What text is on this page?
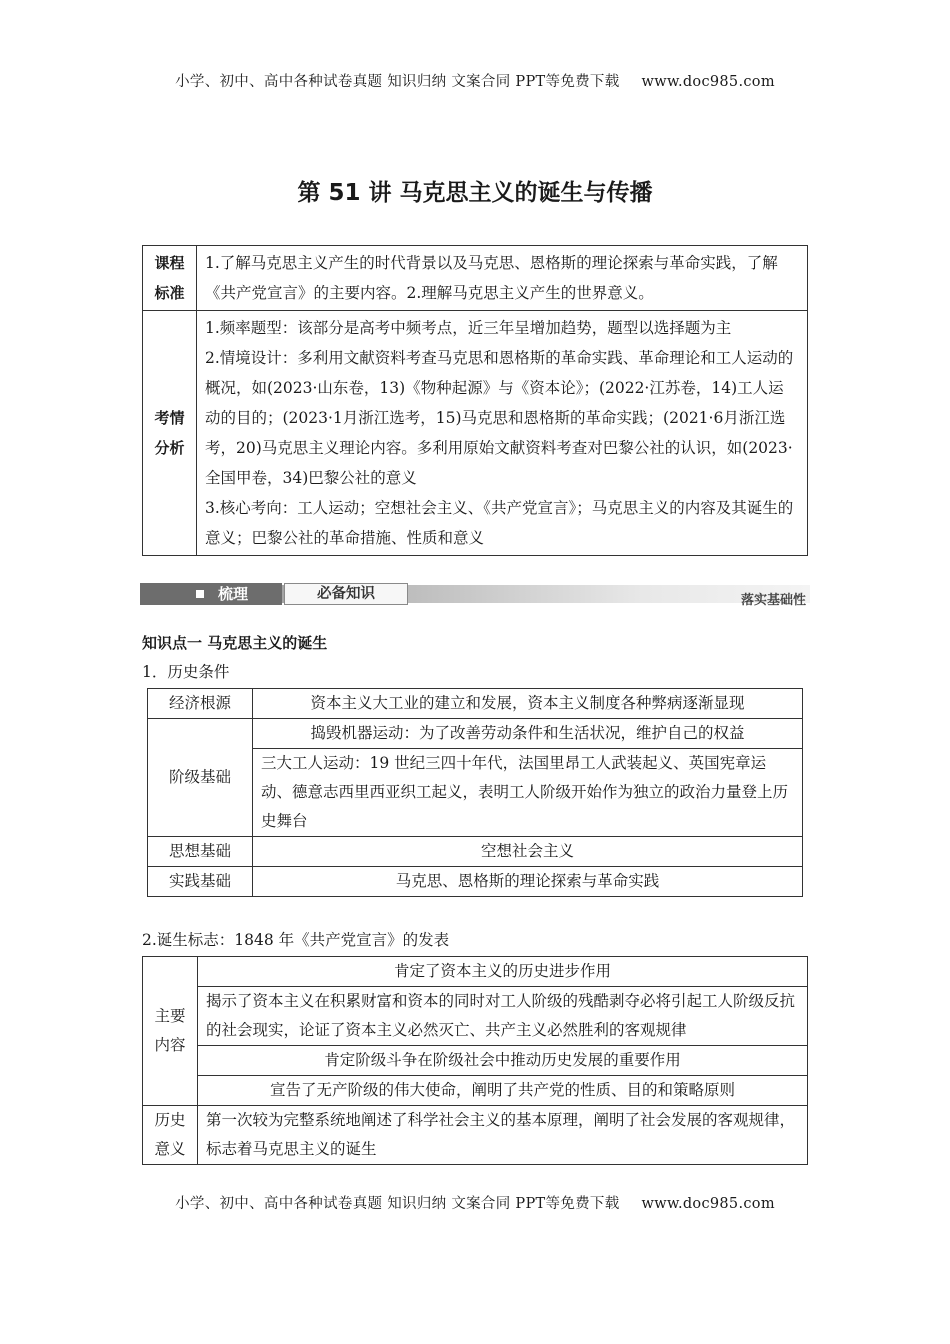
小学、初中、高中各种试卷真题 知识归纳 文案合同 PPT等免费下载 www.doc985.com
第 51 讲 马克思主义的诞生与传播
课程标准	1.了解马克思主义产生的时代背景以及马克思、恩格斯的理论探索与革命实践，了解《共产党宣言》的主要内容。2.理解马克思主义产生的世界意义。
考情分析	1.频率题型：该部分是高考中频考点，近三年呈增加趋势，题型以选择题为主
2.情境设计：多利用文献资料考查马克思和恩格斯的革命实践、革命理论和工人运动的概况，如(2023·山东卷，13)《物种起源》与《资本论》；(2022·江苏卷，14)工人运动的目的；(2023·1月浙江选考，15)马克思和恩格斯的革命实践；(2021·6月浙江选考，20)马克思主义理论内容。多利用原始文献资料考查对巴黎公社的认识，如(2023·全国甲卷，34)巴黎公社的意义
3.核心考向：工人运动；空想社会主义、《共产党宣言》；马克思主义的内容及其诞生的意义；巴黎公社的革命措施、性质和意义
梳理	必备知识	落实基础性
知识点一 马克思主义的诞生
1．历史条件
经济根源	资本主义大工业的建立和发展，资本主义制度各种弊病逐渐显现
阶级基础	捣毁机器运动：为了改善劳动条件和生活状况，维护自己的权益
	三大工人运动：19 世纪三四十年代，法国里昂工人武装起义、英国宪章运动、德意志西里西亚织工起义，表明工人阶级开始作为独立的政治力量登上历史舞台
思想基础	空想社会主义
实践基础	马克思、恩格斯的理论探索与革命实践
2.诞生标志：1848 年《共产党宣言》的发表
主要内容	肯定了资本主义的历史进步作用
	揭示了资本主义在积累财富和资本的同时对工人阶级的残酷剥夺必将引起工人阶级反抗的社会现实，论证了资本主义必然灭亡、共产主义必然胜利的客观规律
	肯定阶级斗争在阶级社会中推动历史发展的重要作用
	宣告了无产阶级的伟大使命，阐明了共产党的性质、目的和策略原则
历史意义	第一次较为完整系统地阐述了科学社会主义的基本原理，阐明了社会发展的客观规律，标志着马克思主义的诞生
小学、初中、高中各种试卷真题 知识归纳 文案合同 PPT等免费下载 www.doc985.com
